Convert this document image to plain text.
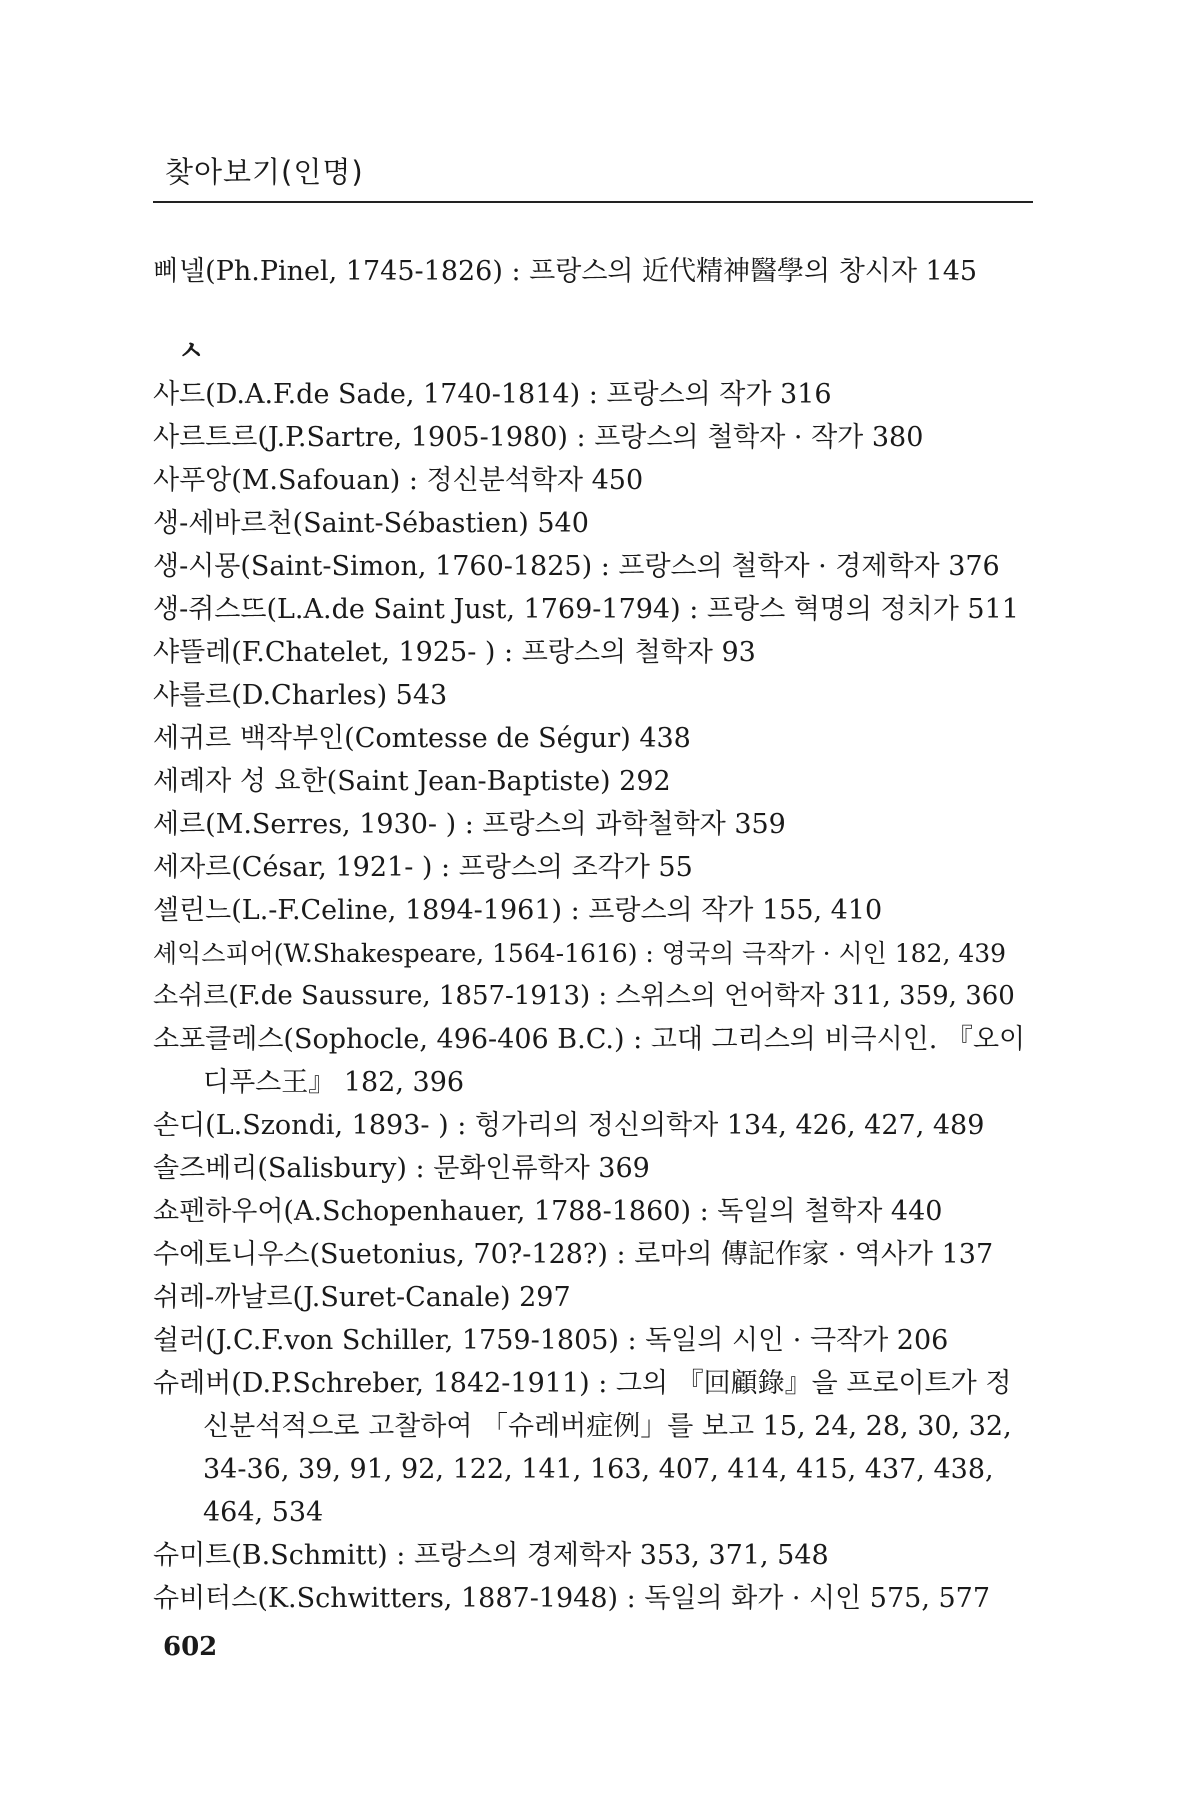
찾아보기(인명)
삐넬(Ph.Pinel, 1745-1826) : 프랑스의 近代精神醫學의 창시자 145
ㅅ
사드(D.A.F.de Sade, 1740-1814) : 프랑스의 작가 316
사르트르(J.P.Sartre, 1905-1980) : 프랑스의 철학자 · 작가 380
사푸앙(M.Safouan) : 정신분석학자 450
생-세바르천(Saint-Sébastien) 540
생-시몽(Saint-Simon, 1760-1825) : 프랑스의 철학자 · 경제학자 376
생-쥐스뜨(L.A.de Saint Just, 1769-1794) : 프랑스 혁명의 정치가 511
샤뜰레(F.Chatelet, 1925- ) : 프랑스의 철학자 93
샤를르(D.Charles) 543
세귀르 백작부인(Comtesse de Ségur) 438
세례자 성 요한(Saint Jean-Baptiste) 292
세르(M.Serres, 1930- ) : 프랑스의 과학철학자 359
세자르(César, 1921- ) : 프랑스의 조각가 55
셀린느(L.-F.Celine, 1894-1961) : 프랑스의 작가 155, 410
셰익스피어(W.Shakespeare, 1564-1616) : 영국의 극작가 · 시인 182, 439
소쉬르(F.de Saussure, 1857-1913) : 스위스의 언어학자 311, 359, 360
소포클레스(Sophocle, 496-406 B.C.) : 고대 그리스의 비극시인. 『오이디푸스王』 182, 396
손디(L.Szondi, 1893- ) : 헝가리의 정신의학자 134, 426, 427, 489
솔즈베리(Salisbury) : 문화인류학자 369
쇼펜하우어(A.Schopenhauer, 1788-1860) : 독일의 철학자 440
수에토니우스(Suetonius, 70?-128?) : 로마의 傳記作家 · 역사가 137
쉬레-까날르(J.Suret-Canale) 297
쉴러(J.C.F.von Schiller, 1759-1805) : 독일의 시인 · 극작가 206
슈레버(D.P.Schreber, 1842-1911) : 그의 『回顧錄』을 프로이트가 정신분석적으로 고찰하여 「슈레버症例」를 보고 15, 24, 28, 30, 32, 34-36, 39, 91, 92, 122, 141, 163, 407, 414, 415, 437, 438, 464, 534
슈미트(B.Schmitt) : 프랑스의 경제학자 353, 371, 548
슈비터스(K.Schwitters, 1887-1948) : 독일의 화가 · 시인 575, 577
602
